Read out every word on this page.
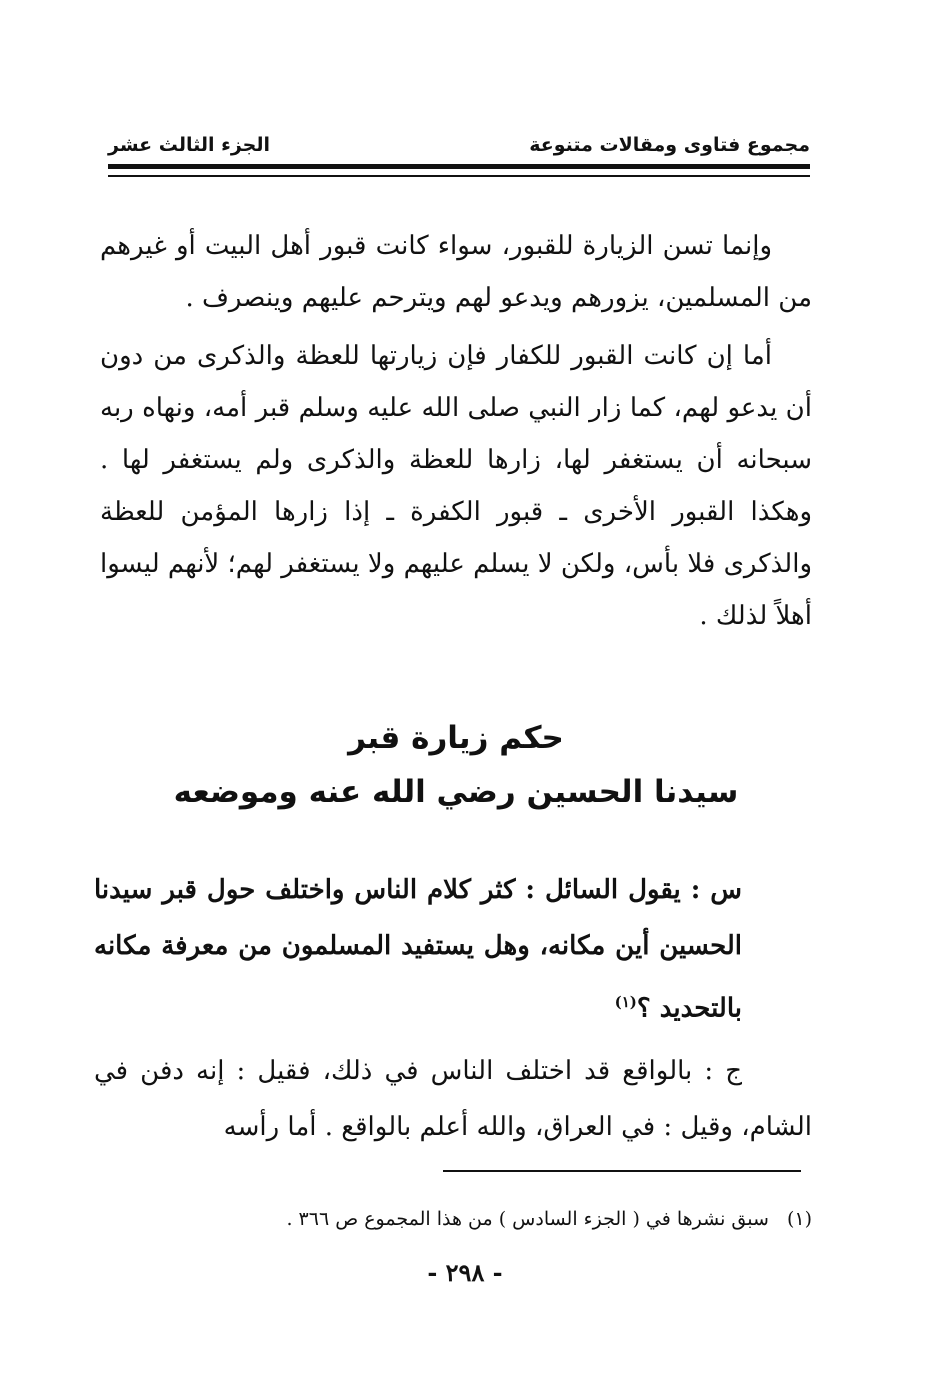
مجموع فتاوى ومقالات متنوعة
الجزء الثالث عشر

وإنما تسن الزيارة للقبور، سواء كانت قبور أهل البيت أو غيرهم من المسلمين، يزورهم ويدعو لهم ويترحم عليهم وينصرف .

أما إن كانت القبور للكفار فإن زيارتها للعظة والذكرى من دون أن يدعو لهم، كما زار النبي صلى الله عليه وسلم قبر أمه، ونهاه ربه سبحانه أن يستغفر لها، زارها للعظة والذكرى ولم يستغفر لها . وهكذا القبور الأخرى ـ قبور الكفرة ـ إذا زارها المؤمن للعظة والذكرى فلا بأس، ولكن لا يسلم عليهم ولا يستغفر لهم؛ لأنهم ليسوا أهلاً لذلك .

حكم زيارة قبر
سيدنا الحسين رضي الله عنه وموضعه

س : يقول السائل : كثر كلام الناس واختلف حول قبر سيدنا الحسين أين مكانه، وهل يستفيد المسلمون من معرفة مكانه بالتحديد ؟$^{(١)}$

ج : بالواقع قد اختلف الناس في ذلك، فقيل : إنه دفن في الشام، وقيل : في العراق، والله أعلم بالواقع . أما رأسه

(١)سبق نشرها في ( الجزء السادس ) من هذا المجموع ص ٣٦٦ .
- ٢٩٨ -
